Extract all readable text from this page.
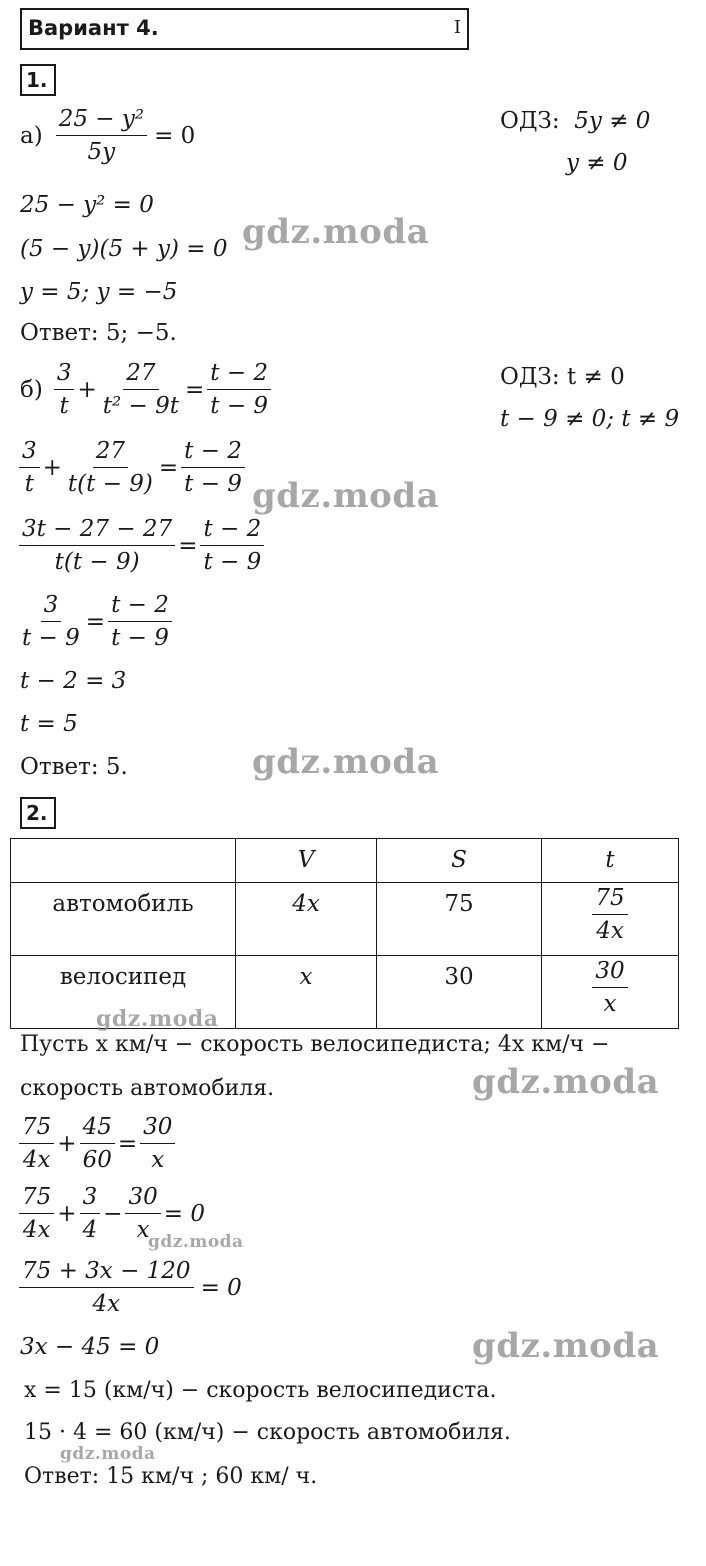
Вариант 4.	I
1.
$а) \frac{\text{25 − y²}}{5y} = 0$
ОДЗ: 5y ≠ 0
y ≠ 0
25 − y² = 0
(5 − y)(5 + y) = 0
y = 5; y = −5
Ответ: 5; −5.
$б) \frac{3}{t} + \frac{27}{\text{t² − 9t}} = \frac{t - 2}{t - 9}$	ОДЗ: t ≠ 0
t − 9 ≠ 0; t ≠ 9
$\frac{3}{t} + \frac{27}{t(t - 9)} = \frac{t - 2}{t - 9}$
$\frac{3t - 27 - 27}{t(t - 9)} = \frac{t - 2}{t - 9}$
$\frac{3}{t - 9} = \frac{t - 2}{t - 9}$
t − 2 = 3
t = 5
Ответ: 5.
2.
	V	S	t
автомобиль	4x	75	$\frac{75}{4x}$

велосипед	x	30	$\frac{30}{x}$
Пусть x км/ч − скорость велосипедиста; 4x км/ч −
скорость автомобиля.
$\frac{75}{4x} + \frac{45}{60} = \frac{30}{x}$
$\frac{75}{4x} + \frac{3}{4} - \frac{30}{x} = 0$
$\frac{75 + 3x - 120}{4x} = 0$
3x − 45 = 0
x = 15 (км/ч) − скорость велосипедиста.
15 · 4 = 60 (км/ч) − скорость автомобиля.
Ответ: 15 км/ч ; 60 км/ ч.
gdz.moda
gdz.moda
gdz.moda
gdz.moda
gdz.moda
gdz.moda
gdz.moda
gdz.moda
